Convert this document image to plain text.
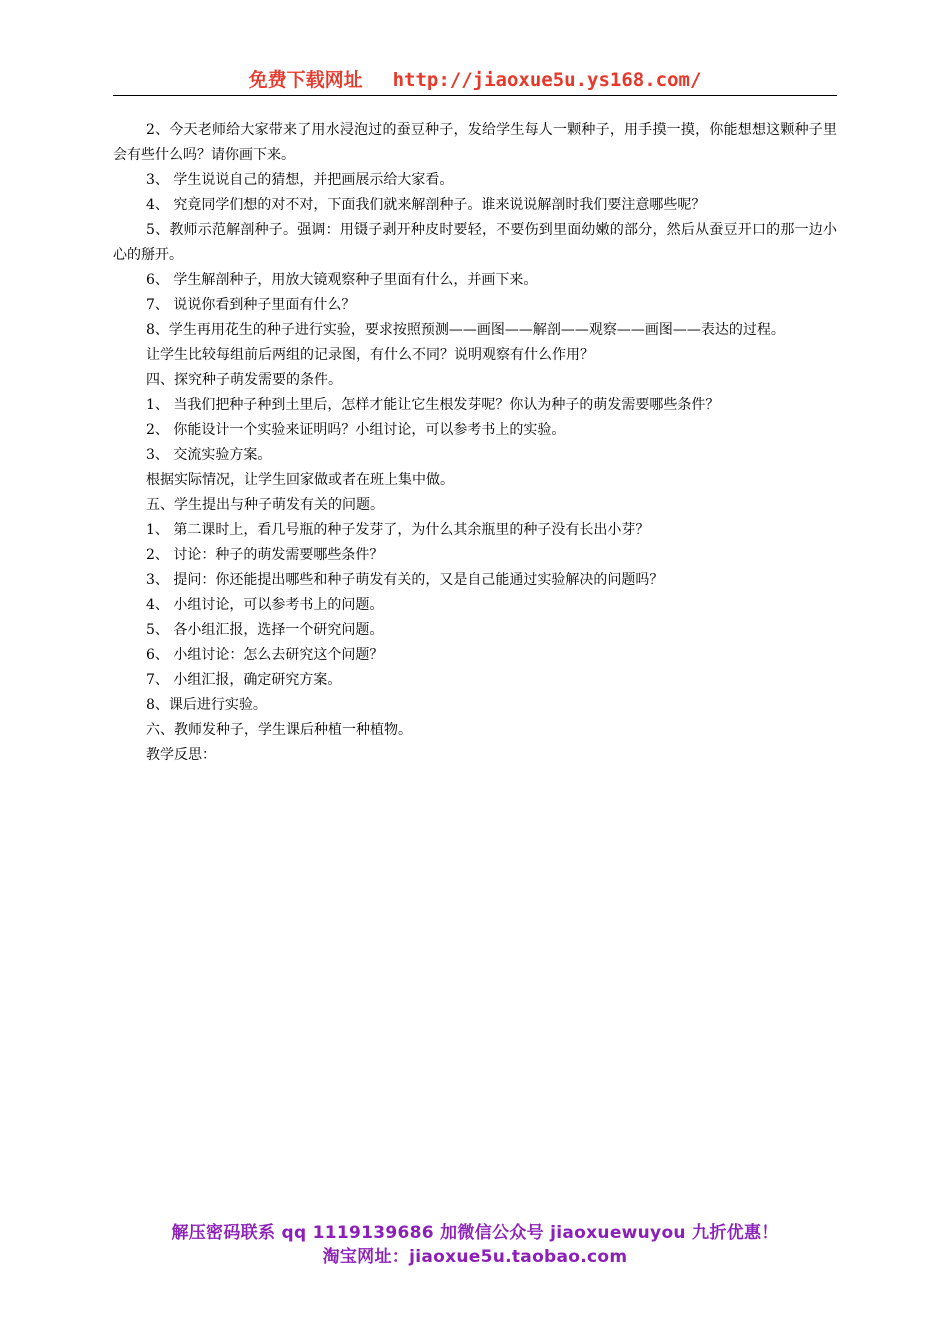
免费下载网址 http://jiaoxue5u.ys168.com/

2、今天老师给大家带来了用水浸泡过的蚕豆种子，发给学生每人一颗种子，用手摸一摸，你能想想这颗种子里会有些什么吗？请你画下来。

3、 学生说说自己的猜想，并把画展示给大家看。

4、 究竟同学们想的对不对，下面我们就来解剖种子。谁来说说解剖时我们要注意哪些呢？

5、教师示范解剖种子。强调：用镊子剥开种皮时要轻，不要伤到里面幼嫩的部分，然后从蚕豆开口的那一边小心的掰开。

6、 学生解剖种子，用放大镜观察种子里面有什么，并画下来。

7、 说说你看到种子里面有什么？

8、学生再用花生的种子进行实验，要求按照预测——画图——解剖——观察——画图——表达的过程。

让学生比较每组前后两组的记录图，有什么不同？说明观察有什么作用？

四、探究种子萌发需要的条件。

1、 当我们把种子种到土里后，怎样才能让它生根发芽呢？你认为种子的萌发需要哪些条件？

2、 你能设计一个实验来证明吗？小组讨论，可以参考书上的实验。

3、 交流实验方案。

根据实际情况，让学生回家做或者在班上集中做。

五、学生提出与种子萌发有关的问题。

1、 第二课时上，看几号瓶的种子发芽了，为什么其余瓶里的种子没有长出小芽？

2、 讨论：种子的萌发需要哪些条件？

3、 提问：你还能提出哪些和种子萌发有关的，又是自己能通过实验解决的问题吗？

4、 小组讨论，可以参考书上的问题。

5、 各小组汇报，选择一个研究问题。

6、 小组讨论：怎么去研究这个问题？

7、 小组汇报，确定研究方案。

8、课后进行实验。

六、教师发种子，学生课后种植一种植物。

教学反思：

解压密码联系 qq 1119139686 加微信公众号 jiaoxuewuyou 九折优惠！
淘宝网址：jiaoxue5u.taobao.com
